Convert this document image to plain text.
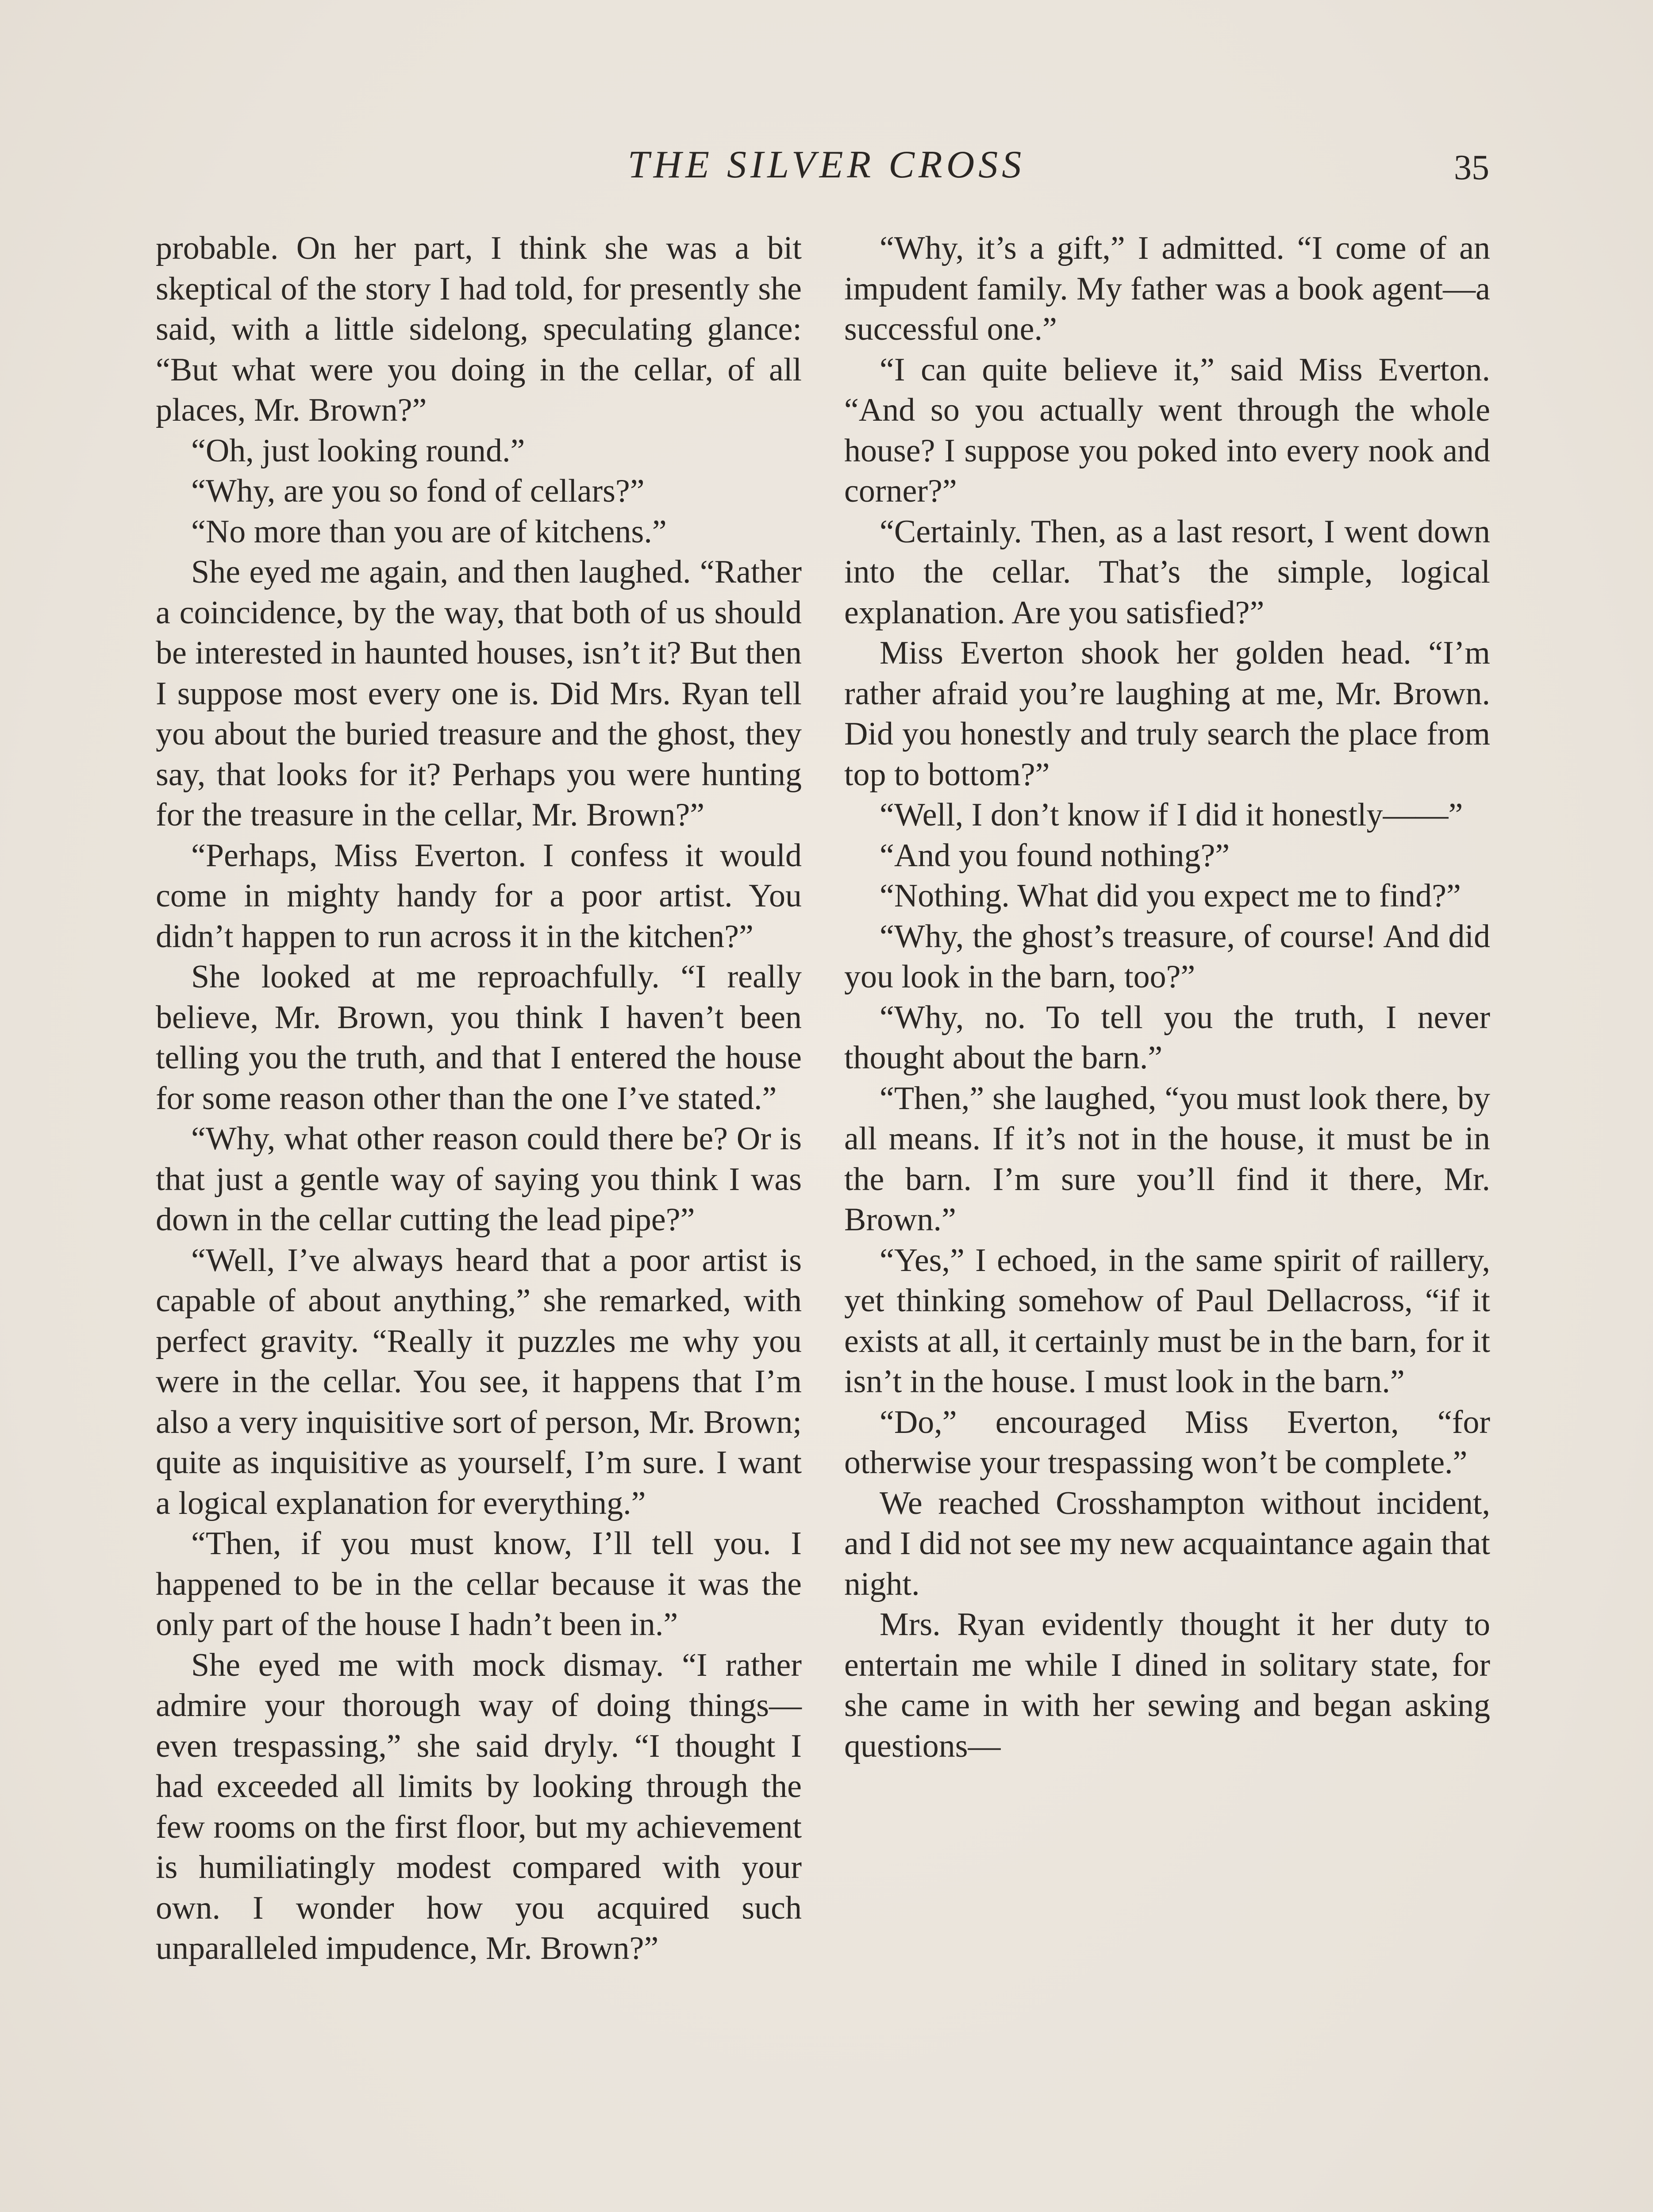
THE SILVER CROSS	35

probable. On her part, I think she was a bit skeptical of the story I had told, for presently she said, with a little sidelong, speculating glance: “But what were you doing in the cellar, of all places, Mr. Brown?”

“Oh, just looking round.”

“Why, are you so fond of cellars?”

“No more than you are of kitchens.”

She eyed me again, and then laughed. “Rather a coincidence, by the way, that both of us should be interested in haunted houses, isn’t it? But then I suppose most every one is. Did Mrs. Ryan tell you about the buried treasure and the ghost, they say, that looks for it? Perhaps you were hunting for the treasure in the cellar, Mr. Brown?”

“Perhaps, Miss Everton. I confess it would come in mighty handy for a poor artist. You didn’t happen to run across it in the kitchen?”

She looked at me reproachfully. “I really believe, Mr. Brown, you think I haven’t been telling you the truth, and that I entered the house for some reason other than the one I’ve stated.”

“Why, what other reason could there be? Or is that just a gentle way of saying you think I was down in the cellar cutting the lead pipe?”

“Well, I’ve always heard that a poor artist is capable of about anything,” she remarked, with perfect gravity. “Really it puzzles me why you were in the cellar. You see, it happens that I’m also a very inquisitive sort of person, Mr. Brown; quite as inquisitive as yourself, I’m sure. I want a logical explanation for everything.”

“Then, if you must know, I’ll tell you. I happened to be in the cellar because it was the only part of the house I hadn’t been in.”

She eyed me with mock dismay. “I rather admire your thorough way of doing things—even trespassing,” she said dryly. “I thought I had exceeded all limits by looking through the few rooms on the first floor, but my achievement is humiliatingly modest compared with your own. I wonder how you acquired such unparalleled impudence, Mr. Brown?”

“Why, it’s a gift,” I admitted. “I come of an impudent family. My father was a book agent—a successful one.”

“I can quite believe it,” said Miss Everton. “And so you actually went through the whole house? I suppose you poked into every nook and corner?”

“Certainly. Then, as a last resort, I went down into the cellar. That’s the simple, logical explanation. Are you satisfied?”

Miss Everton shook her golden head. “I’m rather afraid you’re laughing at me, Mr. Brown. Did you honestly and truly search the place from top to bottom?”

“Well, I don’t know if I did it honestly——”

“And you found nothing?”

“Nothing. What did you expect me to find?”

“Why, the ghost’s treasure, of course! And did you look in the barn, too?”

“Why, no. To tell you the truth, I never thought about the barn.”

“Then,” she laughed, “you must look there, by all means. If it’s not in the house, it must be in the barn. I’m sure you’ll find it there, Mr. Brown.”

“Yes,” I echoed, in the same spirit of raillery, yet thinking somehow of Paul Dellacross, “if it exists at all, it certainly must be in the barn, for it isn’t in the house. I must look in the barn.”

“Do,” encouraged Miss Everton, “for otherwise your trespassing won’t be complete.”

We reached Crosshampton without incident, and I did not see my new acquaintance again that night.

Mrs. Ryan evidently thought it her duty to entertain me while I dined in solitary state, for she came in with her sewing and began asking questions—
